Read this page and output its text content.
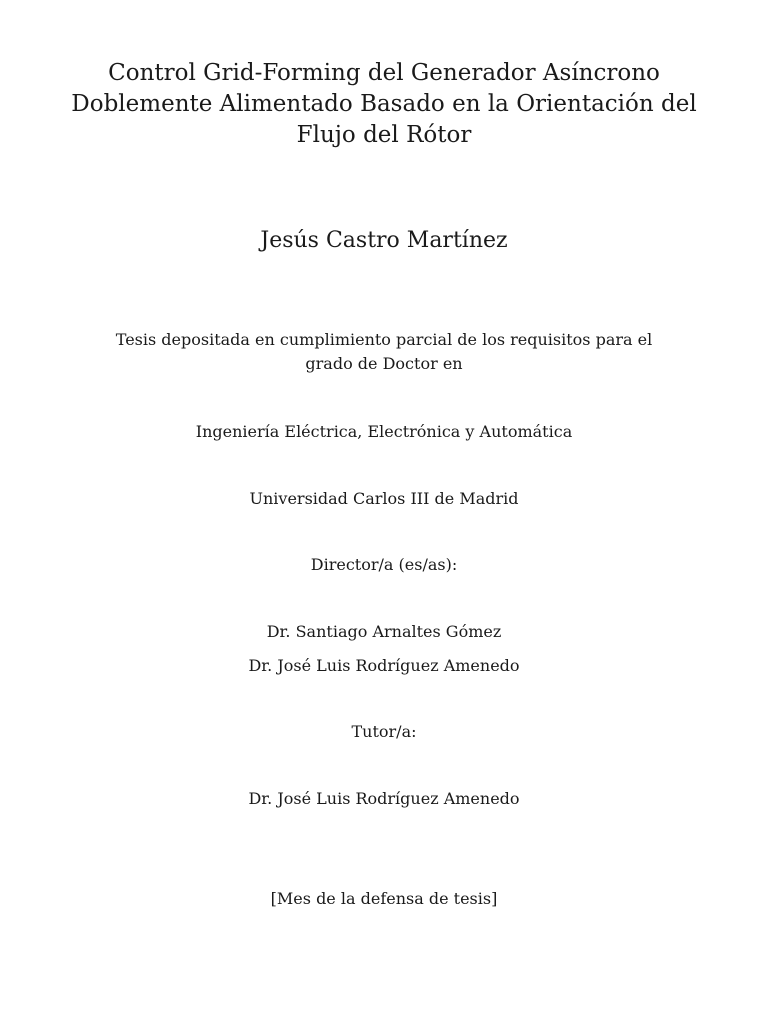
Control Grid-Forming del Generador Asíncrono
Doblemente Alimentado Basado en la Orientación del
Flujo del Rótor
Jesús Castro Martínez
Tesis depositada en cumplimiento parcial de los requisitos para el
grado de Doctor en
Ingeniería Eléctrica, Electrónica y Automática
Universidad Carlos III de Madrid
Director/a (es/as):
Dr. Santiago Arnaltes Gómez
Dr. José Luis Rodríguez Amenedo
Tutor/a:
Dr. José Luis Rodríguez Amenedo
[Mes de la defensa de tesis]
